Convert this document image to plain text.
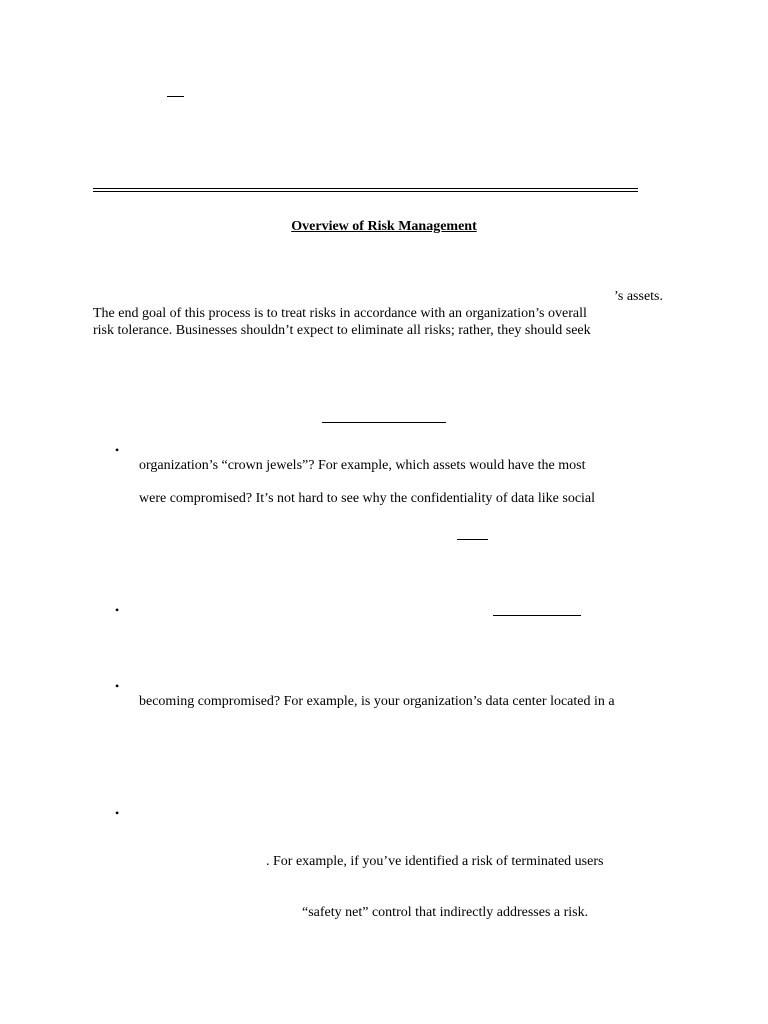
Overview of Risk Management
’s assets.
The end goal of this process is to treat risks in accordance with an organization’s overall
risk tolerance. Businesses shouldn’t expect to eliminate all risks; rather, they should seek
•
organization’s “crown jewels”? For example, which assets would have the most
were compromised? It’s not hard to see why the confidentiality of data like social
•
•
becoming compromised? For example, is your organization’s data center located in a
•
. For example, if you’ve identified a risk of terminated users
“safety net” control that indirectly addresses a risk.
